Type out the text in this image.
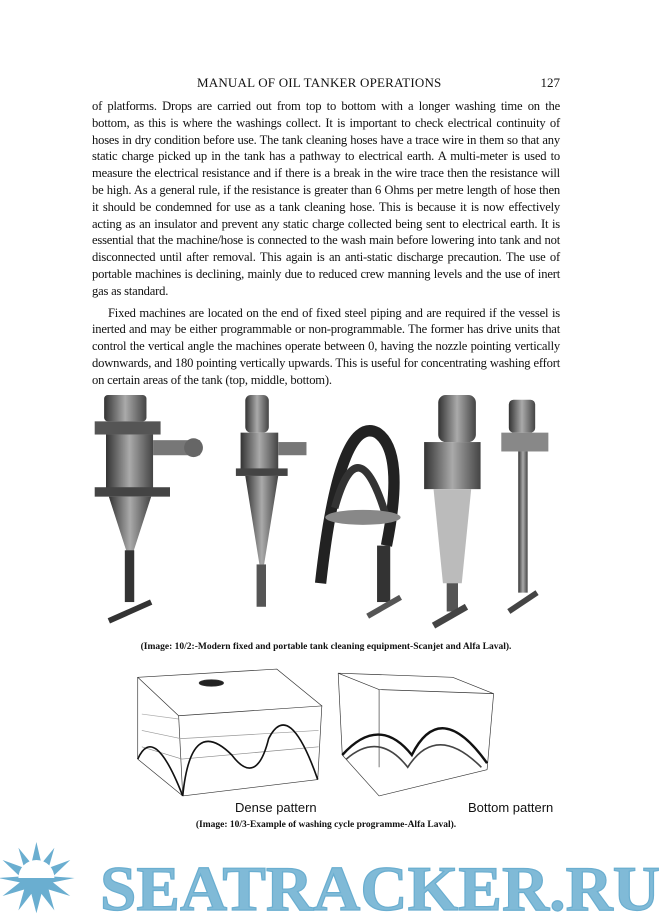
MANUAL OF OIL TANKER OPERATIONS	127

of platforms. Drops are carried out from top to bottom with a longer washing time on the bottom, as this is where the washings collect. It is important to check electrical continuity of hoses in dry condition before use. The tank cleaning hoses have a trace wire in them so that any static charge picked up in the tank has a pathway to electrical earth. A multi-meter is used to measure the electrical resistance and if there is a break in the wire trace then the resistance will be high. As a general rule, if the resistance is greater than 6 Ohms per metre length of hose then it should be condemned for use as a tank cleaning hose. This is because it is now effectively acting as an insulator and prevent any static charge collected being sent to electrical earth. It is essential that the machine/hose is connected to the wash main before lowering into tank and not disconnected until after removal. This again is an anti-static discharge precaution. The use of portable machines is declining, mainly due to reduced crew manning levels and the use of inert gas as standard.

Fixed machines are located on the end of fixed steel piping and are required if the vessel is inerted and may be either programmable or non-programmable. The former has drive units that control the vertical angle the machines operate between 0, having the nozzle pointing vertically downwards, and 180 pointing vertically upwards. This is useful for concentrating washing effort on certain areas of the tank (top, middle, bottom).

(Image: 10/2:-Modern fixed and portable tank cleaning equipment-Scanjet and Alfa Laval).
Dense pattern	Bottom pattern
(Image: 10/3-Example of washing cycle programme-Alfa Laval).
SEATRACKER.RU
